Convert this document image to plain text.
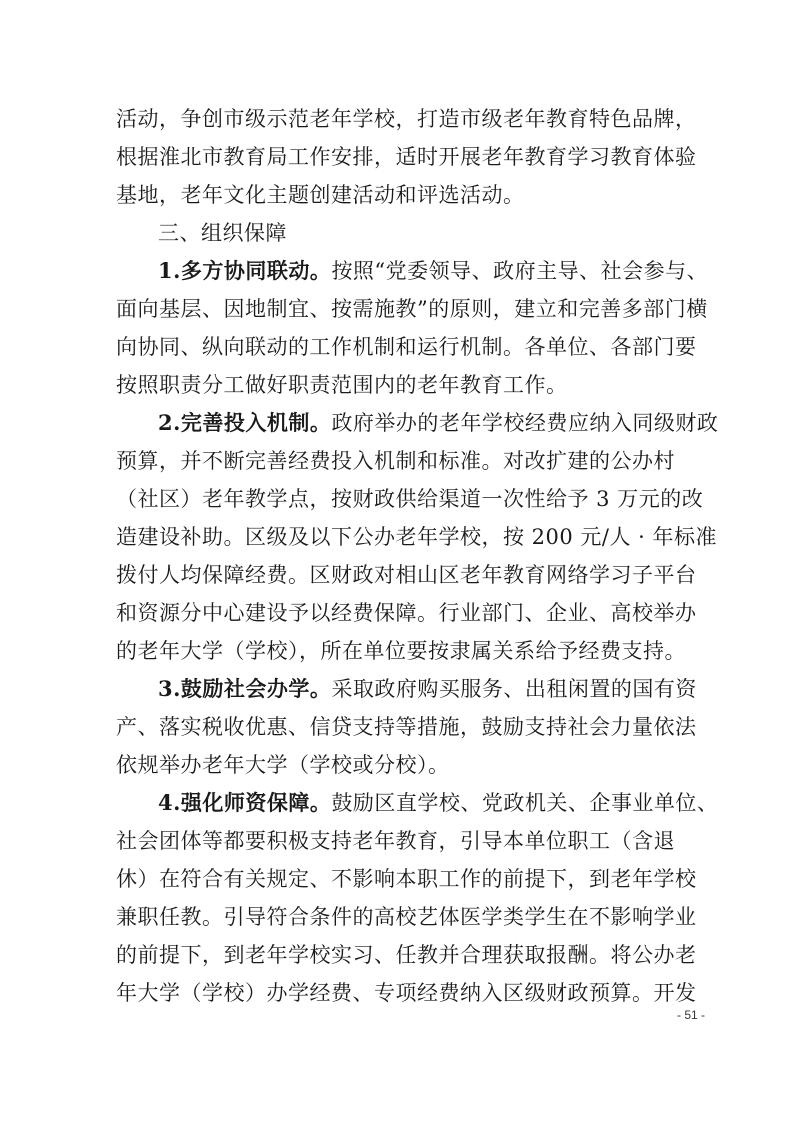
活动，争创市级示范老年学校，打造市级老年教育特色品牌，
根据淮北市教育局工作安排，适时开展老年教育学习教育体验
基地，老年文化主题创建活动和评选活动。
三、组织保障
1.多方协同联动。按照“党委领导、政府主导、社会参与、
面向基层、因地制宜、按需施教”的原则，建立和完善多部门横
向协同、纵向联动的工作机制和运行机制。各单位、各部门要
按照职责分工做好职责范围内的老年教育工作。
2.完善投入机制。政府举办的老年学校经费应纳入同级财政
预算，并不断完善经费投入机制和标准。对改扩建的公办村
（社区）老年教学点，按财政供给渠道一次性给予 3 万元的改
造建设补助。区级及以下公办老年学校，按 200 元/人 · 年标准
拨付人均保障经费。区财政对相山区老年教育网络学习子平台
和资源分中心建设予以经费保障。行业部门、企业、高校举办
的老年大学（学校），所在单位要按隶属关系给予经费支持。
3.鼓励社会办学。采取政府购买服务、出租闲置的国有资
产、落实税收优惠、信贷支持等措施，鼓励支持社会力量依法
依规举办老年大学（学校或分校）。
4.强化师资保障。鼓励区直学校、党政机关、企事业单位、
社会团体等都要积极支持老年教育，引导本单位职工（含退
休）在符合有关规定、不影响本职工作的前提下，到老年学校
兼职任教。引导符合条件的高校艺体医学类学生在不影响学业
的前提下，到老年学校实习、任教并合理获取报酬。将公办老
年大学（学校）办学经费、专项经费纳入区级财政预算。开发
- 51 -
